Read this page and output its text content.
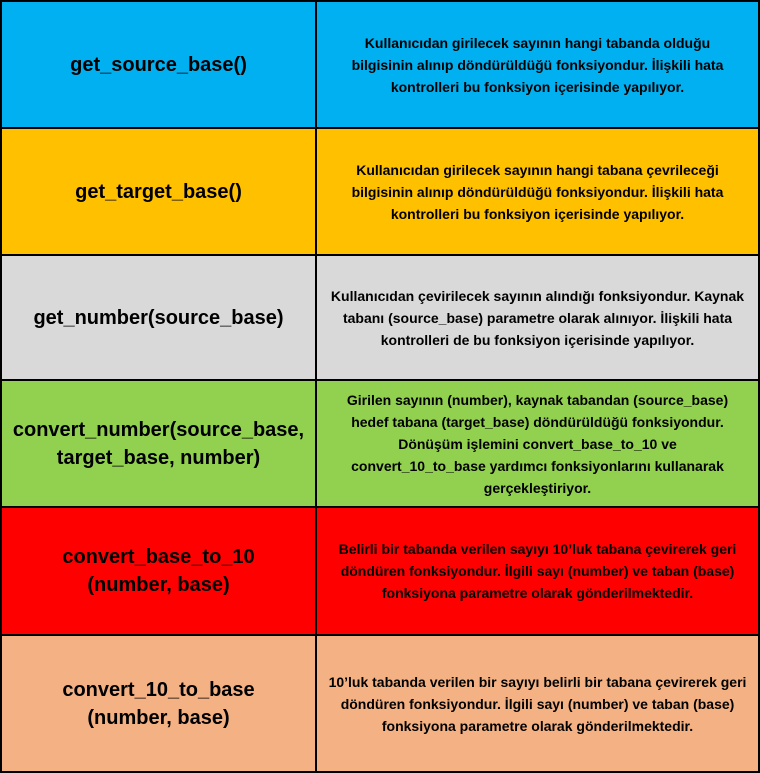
get_source_base()
Kullanıcıdan girilecek sayının hangi tabanda olduğu bilgisinin alınıp döndürüldüğü fonksiyondur. İlişkili hata kontrolleri bu fonksiyon içerisinde yapılıyor.
get_target_base()
Kullanıcıdan girilecek sayının hangi tabana çevrileceği bilgisinin alınıp döndürüldüğü fonksiyondur. İlişkili hata kontrolleri bu fonksiyon içerisinde yapılıyor.
get_number(source_base)
Kullanıcıdan çevirilecek sayının alındığı fonksiyondur. Kaynak tabanı (source_base) parametre olarak alınıyor. İlişkili hata kontrolleri de bu fonksiyon içerisinde yapılıyor.
convert_number(source_base,
target_base, number)
Girilen sayının (number), kaynak tabandan (source_base) hedef tabana (target_base) döndürüldüğü fonksiyondur. Dönüşüm işlemini convert_base_to_10 ve convert_10_to_base yardımcı fonksiyonlarını kullanarak gerçekleştiriyor.
convert_base_to_10
(number, base)
Belirli bir tabanda verilen sayıyı 10’luk tabana çevirerek geri döndüren fonksiyondur. İlgili sayı (number) ve taban (base) fonksiyona parametre olarak gönderilmektedir.
convert_10_to_base
(number, base)
10’luk tabanda verilen bir sayıyı belirli bir tabana çevirerek geri döndüren fonksiyondur. İlgili sayı (number) ve taban (base) fonksiyona parametre olarak gönderilmektedir.
